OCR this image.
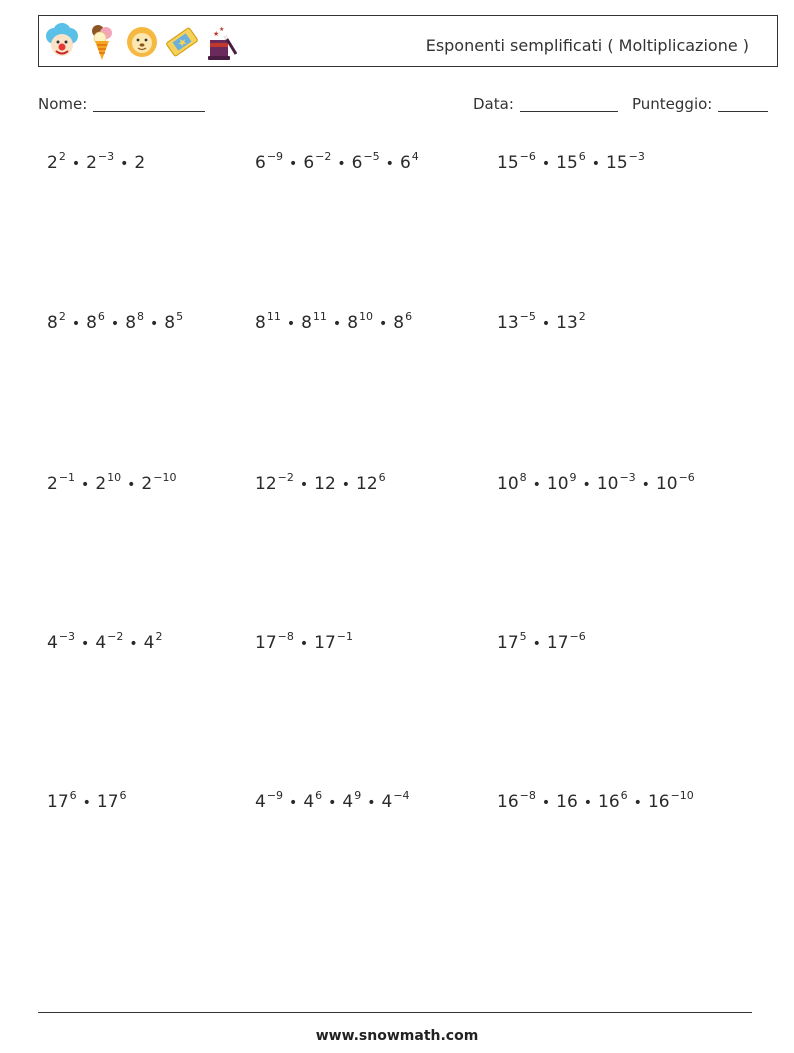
★
★
Esponenti semplificati ( Moltiplicazione )
Nome:	Data:	Punteggio:
$2^2$ • $2^{-3}$ • 2	$6^{-9}$ • $6^{-2}$ • $6^{-5}$ • $6^4$	$15^{-6}$ • $15^6$ • $15^{-3}$
$8^2$ • $8^6$ • $8^8$ • $8^5$	$8^{11}$ • $8^{11}$ • $8^{10}$ • $8^6$	$13^{-5}$ • $13^2$
$2^{-1}$ • $2^{10}$ • $2^{-10}$	$12^{-2}$ • 12 • $12^6$	$10^8$ • $10^9$ • $10^{-3}$ • $10^{-6}$
$4^{-3}$ • $4^{-2}$ • $4^2$	$17^{-8}$ • $17^{-1}$	$17^5$ • $17^{-6}$
$17^6$ • $17^6$	$4^{-9}$ • $4^6$ • $4^9$ • $4^{-4}$	$16^{-8}$ • 16 • $16^6$ • $16^{-10}$
www.snowmath.com
